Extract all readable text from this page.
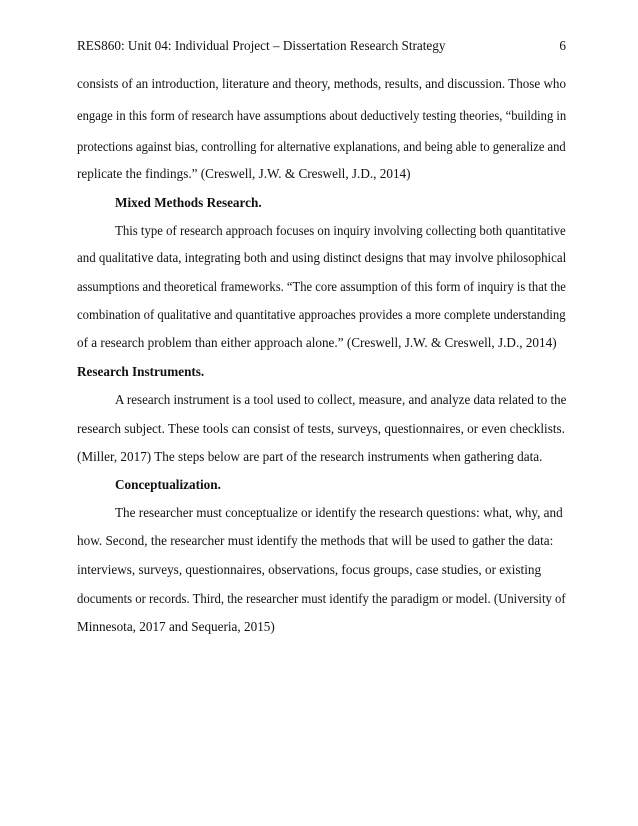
RES860: Unit 04: Individual Project – Dissertation Research Strategy	6
consists of an introduction, literature and theory, methods, results, and discussion. Those who
engage in this form of research have assumptions about deductively testing theories, “building in
protections against bias, controlling for alternative explanations, and being able to generalize and
replicate the findings.” (Creswell, J.W. & Creswell, J.D., 2014)
Mixed Methods Research.
This type of research approach focuses on inquiry involving collecting both quantitative
and qualitative data, integrating both and using distinct designs that may involve philosophical
assumptions and theoretical frameworks. “The core assumption of this form of inquiry is that the
combination of qualitative and quantitative approaches provides a more complete understanding
of a research problem than either approach alone.” (Creswell, J.W. & Creswell, J.D., 2014)
Research Instruments.
A research instrument is a tool used to collect, measure, and analyze data related to the
research subject. These tools can consist of tests, surveys, questionnaires, or even checklists.
(Miller, 2017) The steps below are part of the research instruments when gathering data.
Conceptualization.
The researcher must conceptualize or identify the research questions: what, why, and
how. Second, the researcher must identify the methods that will be used to gather the data:
interviews, surveys, questionnaires, observations, focus groups, case studies, or existing
documents or records. Third, the researcher must identify the paradigm or model. (University of
Minnesota, 2017 and Sequeria, 2015)
